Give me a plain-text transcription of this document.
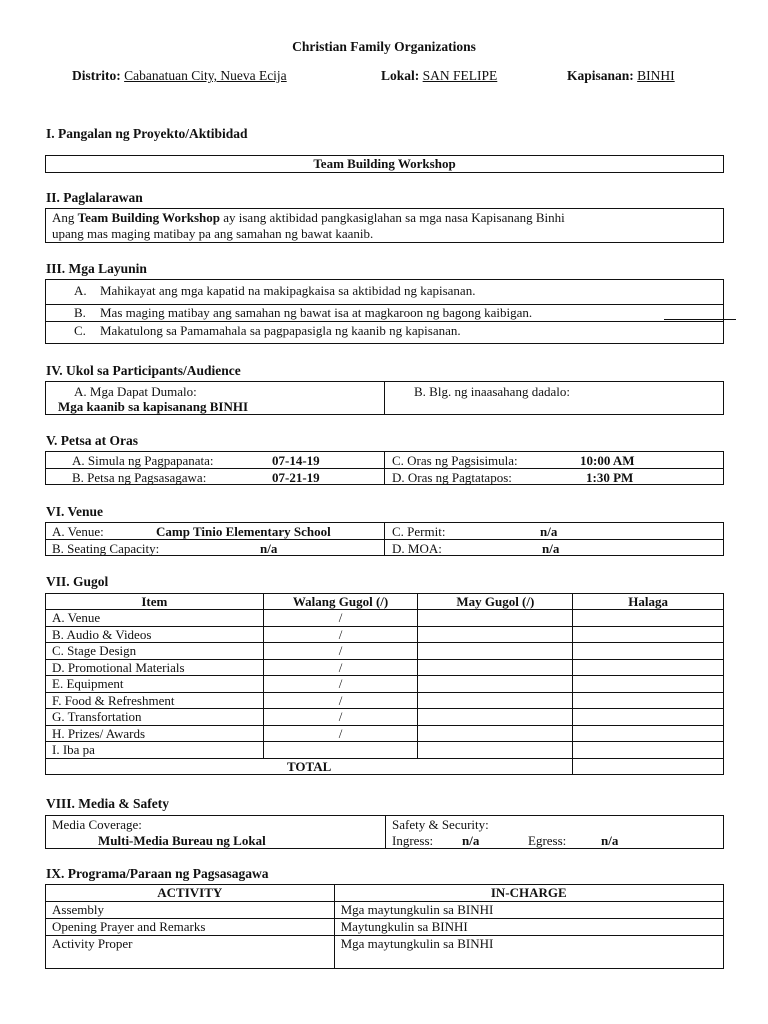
Christian Family Organizations
Distrito: Cabanatuan City, Nueva Ecija	Lokal: SAN FELIPE	Kapisanan: BINHI
I. Pangalan ng Proyekto/Aktibidad
Team Building Workshop
II. Paglalarawan
Ang Team Building Workshop ay isang aktibidad pangkasiglahan sa mga nasa Kapisanang Binhi
upang mas maging matibay pa ang samahan ng bawat kaanib.
III. Mga Layunin
A. Mahikayat ang mga kapatid na makipagkaisa sa aktibidad ng kapisanan.
B. Mas maging matibay ang samahan ng bawat isa at magkaroon ng bagong kaibigan.
C. Makatulong sa Pamamahala sa pagpapasigla ng kaanib ng kapisanan.
IV. Ukol sa Participants/Audience
A. Mga Dapat Dumalo:
Mga kaanib sa kapisanang BINHI
B. Blg. ng inaasahang dadalo:
V. Petsa at Oras
A. Simula ng Pagpapanata:	07-14-19
B. Petsa ng Pagsasagawa:	07-21-19
C. Oras ng Pagsisimula:	10:00 AM
D. Oras ng Pagtatapos:	1:30 PM
VI. Venue
A. Venue:	Camp Tinio Elementary School
B. Seating Capacity:	n/a
C. Permit:	n/a
D. MOA:	n/a
VII. Gugol
Item	Walang Gugol (/)	May Gugol (/)	Halaga
A. Venue	/		
B. Audio & Videos	/		
C. Stage Design	/		
D. Promotional Materials	/		
E. Equipment	/		
F. Food & Refreshment	/		
G. Transfortation	/		
H. Prizes/ Awards	/		
I. Iba pa			
TOTAL			
VIII. Media & Safety
Media Coverage:
Multi-Media Bureau ng Lokal
Safety & Security:
Ingress: n/a	Egress:	n/a
IX. Programa/Paraan ng Pagsasagawa
ACTIVITY	IN-CHARGE
Assembly	Mga maytungkulin sa BINHI
Opening Prayer and Remarks	Maytungkulin sa BINHI
Activity Proper	Mga maytungkulin sa BINHI
